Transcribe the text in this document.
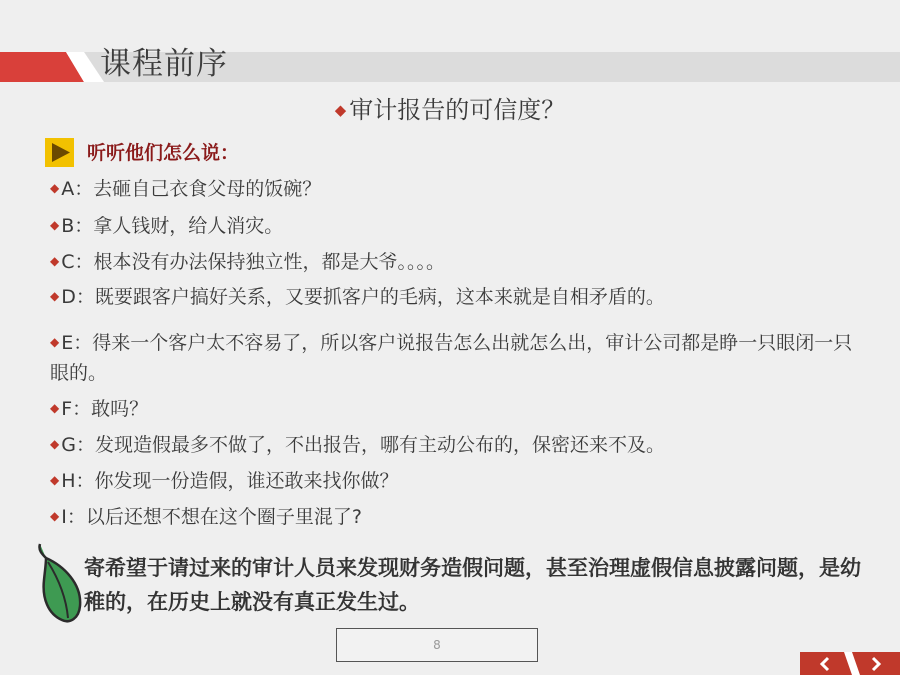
课程前序
◆ 审计报告的可信度？
听听他们怎么说：
◆ A：去砸自己衣食父母的饭碗？
◆ B：拿人钱财，给人消灾。
◆ C：根本没有办法保持独立性，都是大爷。。。。
◆ D：既要跟客户搞好关系，又要抓客户的毛病，这本来就是自相矛盾的。
◆ E：得来一个客户太不容易了，所以客户说报告怎么出就怎么出，审计公司都是睁一只眼闭一只眼的。
◆ F：敢吗？
◆ G：发现造假最多不做了，不出报告，哪有主动公布的，保密还来不及。
◆ H：你发现一份造假，谁还敢来找你做？
◆ I：以后还想不想在这个圈子里混了?
寄希望于请过来的审计人员来发现财务造假问题，甚至治理虚假信息披露问题，是幼稚的，在历史上就没有真正发生过。
8
